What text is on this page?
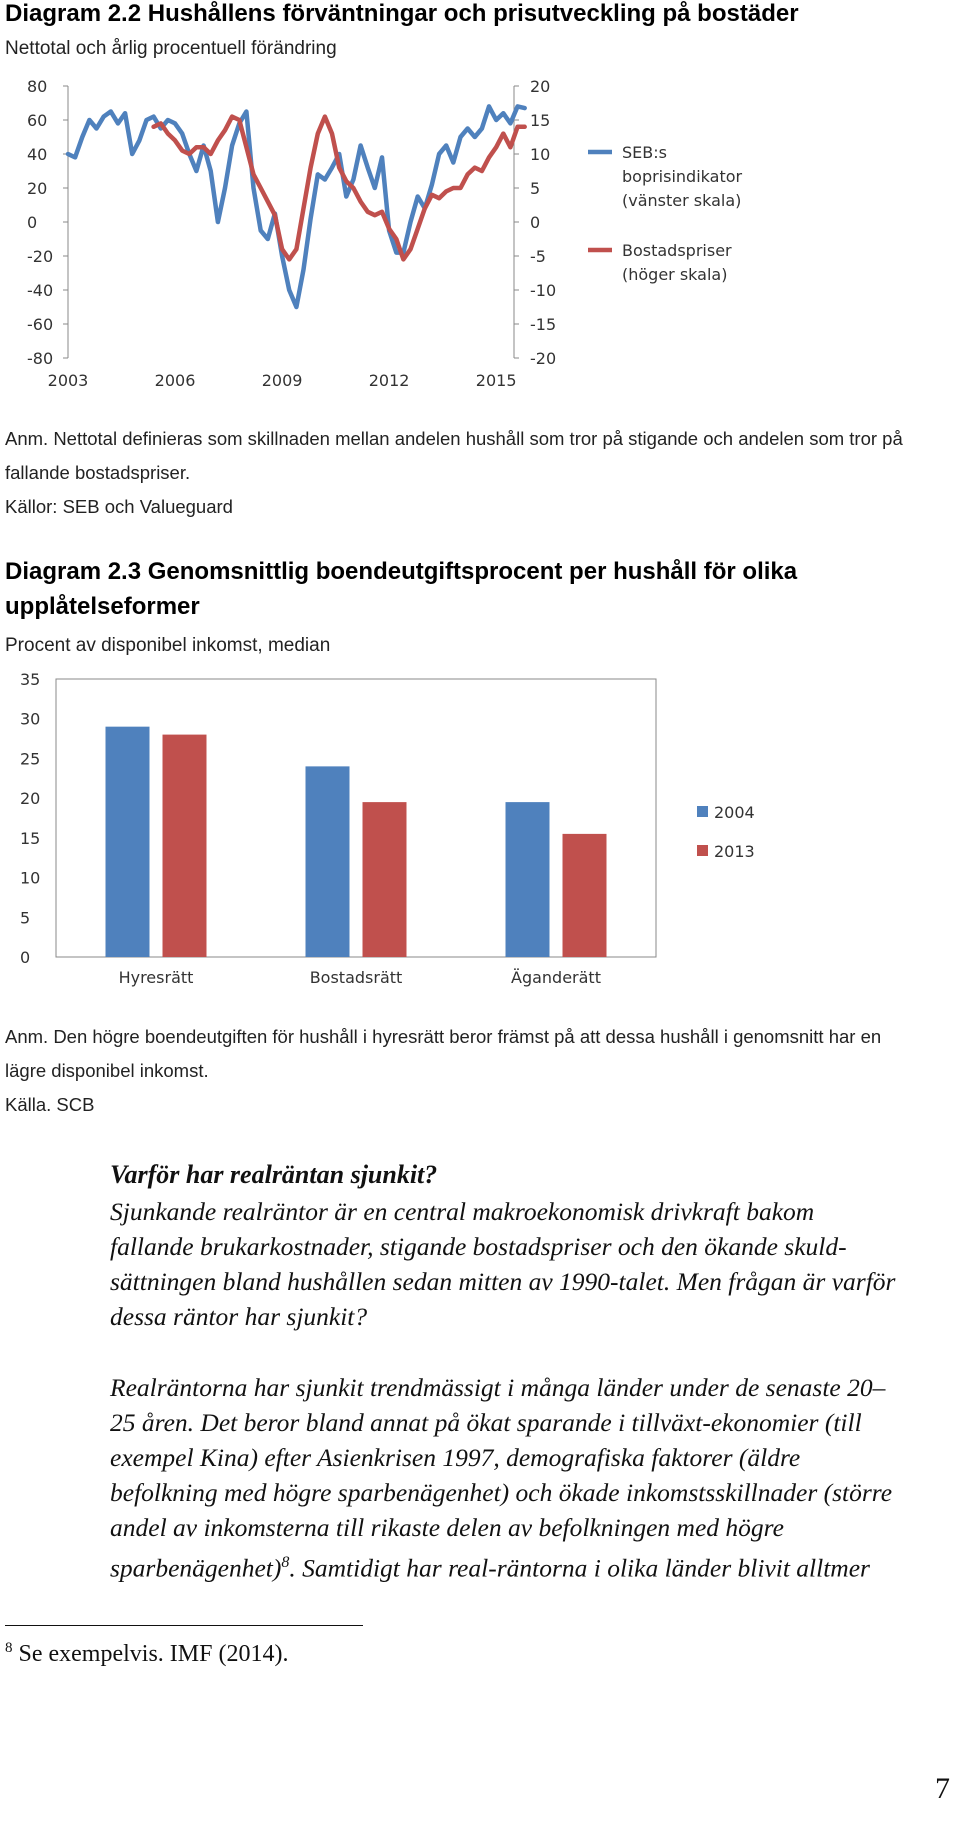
Diagram 2.2 Hushållens förväntningar och prisutveckling på bostäder
Nettotal och årlig procentuell förändring
80
60
40
20
0
-20
-40
-60
-80
20
15
10
5
0
-5
-10
-15
-20
2003	2006	2009	2012	2015
SEB:s
boprisindikator
(vänster skala)
Bostadspriser
(höger skala)
Anm. Nettotal definieras som skillnaden mellan andelen hushåll som tror på stigande och andelen som tror på fallande bostadspriser.
Källor: SEB och Valueguard
Diagram 2.3 Genomsnittlig boendeutgiftsprocent per hushåll för olika
upplåtelseformer
Procent av disponibel inkomst, median
35
30
25
20
15
10
5
0
Hyresrätt	Bostadsrätt	Äganderätt
2004
2013
Anm. Den högre boendeutgiften för hushåll i hyresrätt beror främst på att dessa hushåll i genomsnitt har en
lägre disponibel inkomst.
Källa. SCB
Varför har realräntan sjunkit?

Sjunkande realräntor är en central makroekonomisk drivkraft bakom

fallande brukarkostnader, stigande bostadspriser och den ökande skuld-

sättningen bland hushållen sedan mitten av 1990-talet. Men frågan är varför

dessa räntor har sjunkit?

Realräntorna har sjunkit trendmässigt i många länder under de senaste 20–

25 åren. Det beror bland annat på ökat sparande i tillväxt-ekonomier (till

exempel Kina) efter Asienkrisen 1997, demografiska faktorer (äldre

befolkning med högre sparbenägenhet) och ökade inkomstsskillnader (större

andel av inkomsterna till rikaste delen av befolkningen med högre

sparbenägenhet)$^8$. Samtidigt har real-räntorna i olika länder blivit alltmer

$^8$ Se exempelvis. IMF (2014).
7
